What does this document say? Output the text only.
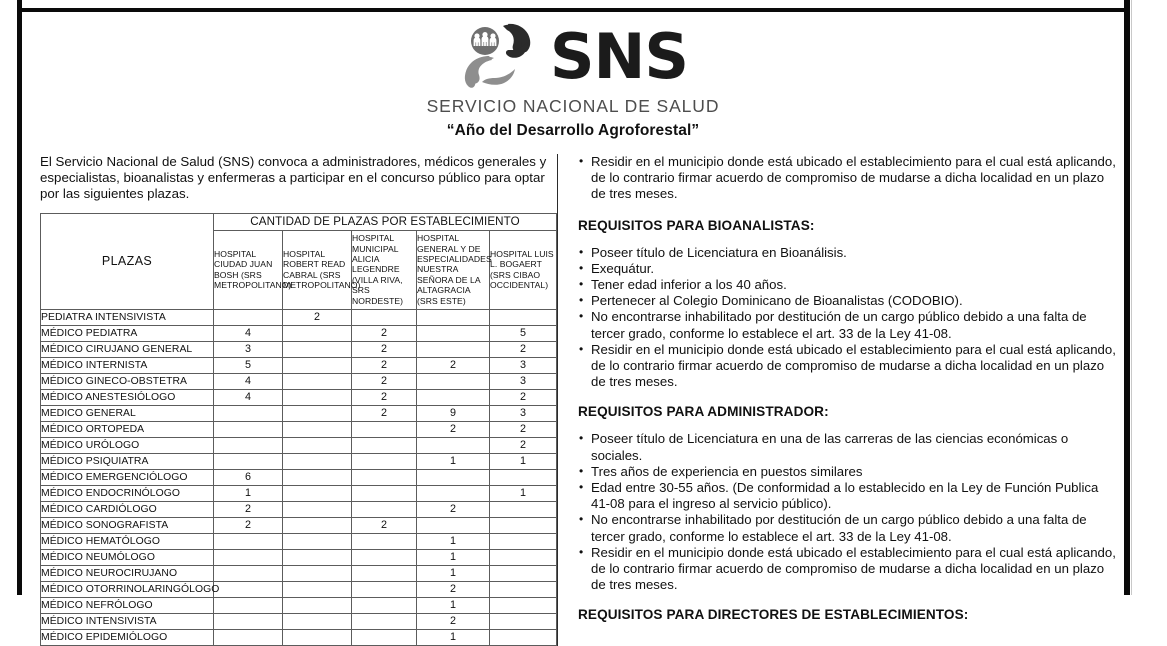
SNS
SERVICIO NACIONAL DE SALUD
“Año del Desarrollo Agroforestal”

El Servicio Nacional de Salud (SNS) convoca a administradores, médicos generales y especialistas, bioanalistas y enfermeras a participar en el concurso público para optar por las siguientes plazas.

PLAZAS	CANTIDAD DE PLAZAS POR ESTABLECIMIENTO				
	HOSPITAL CIUDAD JUAN BOSH (SRS METROPOLITANO)	HOSPITAL ROBERT READ CABRAL (SRS METROPOLITANO)	HOSPITAL MUNICIPAL ALICIA LEGENDRE (VILLA RIVA, SRS NORDESTE)	HOSPITAL GENERAL Y DE ESPECIALIDADES NUESTRA SEÑORA DE LA ALTAGRACIA (SRS ESTE)	HOSPITAL LUIS L. BOGAERT (SRS CIBAO OCCIDENTAL)
PEDIATRA INTENSIVISTA		2			
MÉDICO PEDIATRA	4		2		5
MÉDICO CIRUJANO GENERAL	3		2		2
MÉDICO INTERNISTA	5		2	2	3
MÉDICO GINECO-OBSTETRA	4		2		3
MÉDICO ANESTESIÓLOGO	4		2		2
MEDICO GENERAL			2	9	3
MÉDICO ORTOPEDA				2	2
MÉDICO URÓLOGO					2
MÉDICO PSIQUIATRA				1	1
MÉDICO EMERGENCIÓLOGO	6				
MÉDICO ENDOCRINÓLOGO	1				1
MÉDICO CARDIÓLOGO	2			2	
MÉDICO SONOGRAFISTA	2		2		
MÉDICO HEMATÓLOGO				1	
MÉDICO NEUMÓLOGO				1	
MÉDICO NEUROCIRUJANO				1	
MÉDICO OTORRINOLARINGÓLOGO				2	
MÉDICO NEFRÓLOGO				1	
MÉDICO INTENSIVISTA				2	
MÉDICO EPIDEMIÓLOGO				1	
• Residir en el municipio donde está ubicado el establecimiento para el cual está aplicando, de lo contrario firmar acuerdo de compromiso de mudarse a dicha localidad en un plazo de tres meses.
REQUISITOS PARA BIOANALISTAS:
• Poseer título de Licenciatura en Bioanálisis.
• Exequátur.
• Tener edad inferior a los 40 años.
• Pertenecer al Colegio Dominicano de Bioanalistas (CODOBIO).
• No encontrarse inhabilitado por destitución de un cargo público debido a una falta de tercer grado, conforme lo establece el art. 33 de la Ley 41-08.
• Residir en el municipio donde está ubicado el establecimiento para el cual está aplicando, de lo contrario firmar acuerdo de compromiso de mudarse a dicha localidad en un plazo de tres meses.
REQUISITOS PARA ADMINISTRADOR:
• Poseer título de Licenciatura en una de las carreras de las ciencias económicas o sociales.
• Tres años de experiencia en puestos similares
• Edad entre 30-55 años. (De conformidad a lo establecido en la Ley de Función Publica 41-08 para el ingreso al servicio público).
• No encontrarse inhabilitado por destitución de un cargo público debido a una falta de tercer grado, conforme lo establece el art. 33 de la Ley 41-08.
• Residir en el municipio donde está ubicado el establecimiento para el cual está aplicando, de lo contrario firmar acuerdo de compromiso de mudarse a dicha localidad en un plazo de tres meses.
REQUISITOS PARA DIRECTORES DE ESTABLECIMIENTOS:
